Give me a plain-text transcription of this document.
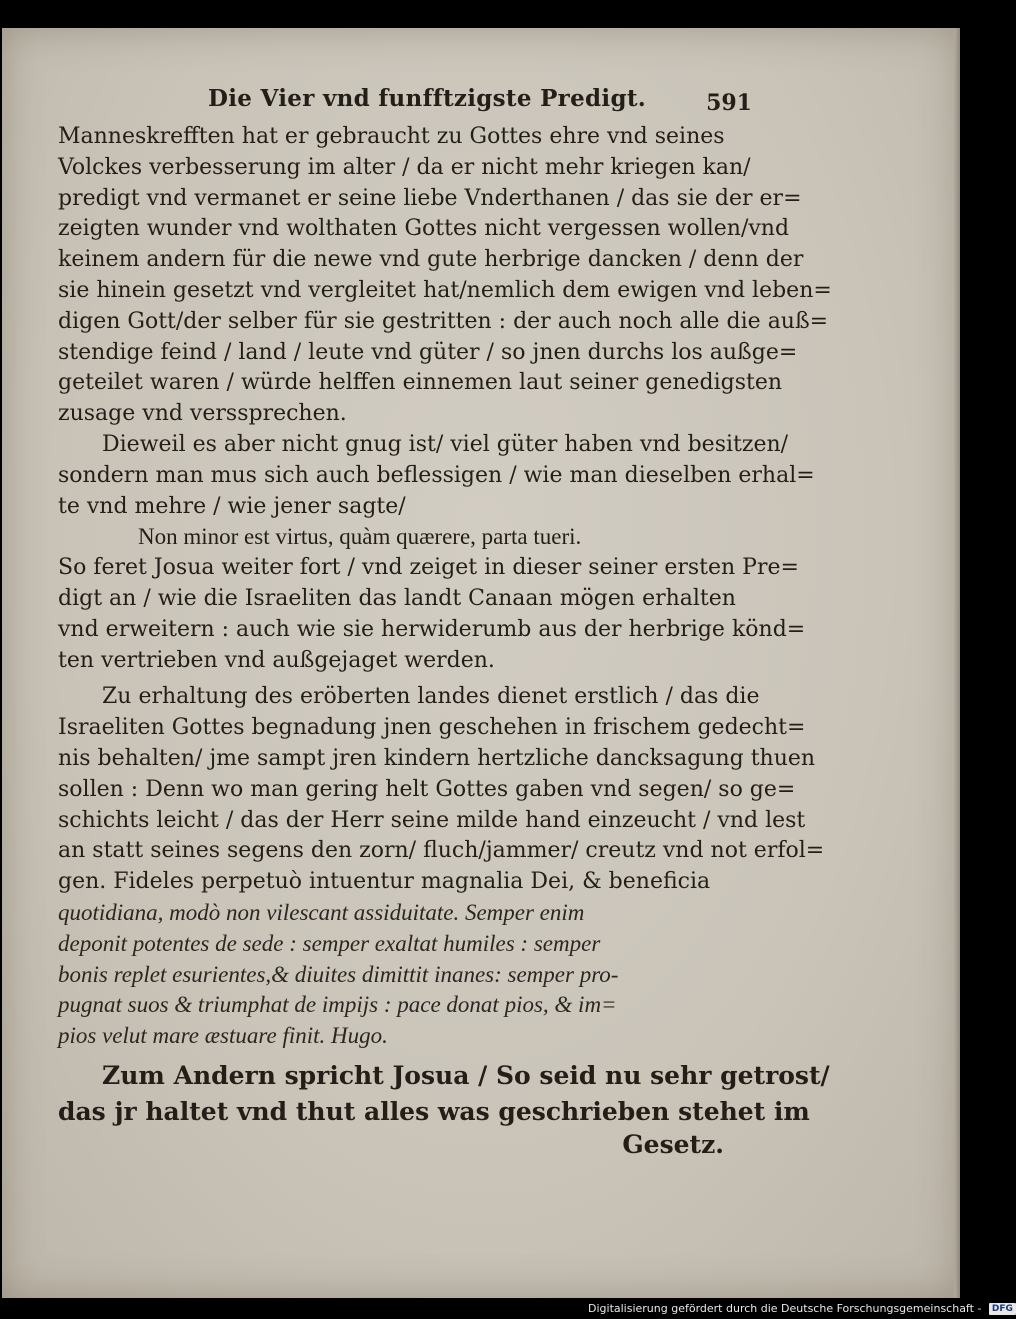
Die Vier vnd funfftzigste Predigt.	591
Manneskrefften hat er gebraucht zu Gottes ehre vnd seines
Volckes verbesserung im alter / da er nicht mehr kriegen kan/
predigt vnd vermanet er seine liebe Vnderthanen / das sie der er=
zeigten wunder vnd wolthaten Gottes nicht vergessen wollen/vnd
keinem andern für die newe vnd gute herbrige dancken / denn der
sie hinein gesetzt vnd vergleitet hat/nemlich dem ewigen vnd leben=
digen Gott/der selber für sie gestritten : der auch noch alle die auß=
stendige feind / land / leute vnd güter / so jnen durchs los außge=
geteilet waren / würde helffen einnemen laut seiner genedigsten
zusage vnd verssprechen.
Dieweil es aber nicht gnug ist/ viel güter haben vnd besitzen/
sondern man mus sich auch beflessigen / wie man dieselben erhal=
te vnd mehre / wie jener sagte/
Non minor est virtus, quàm quærere, parta tueri.
So feret Josua weiter fort / vnd zeiget in dieser seiner ersten Pre=
digt an / wie die Israeliten das landt Canaan mögen erhalten
vnd erweitern : auch wie sie herwiderumb aus der herbrige könd=
ten vertrieben vnd außgejaget werden.
Zu erhaltung des eröberten landes dienet erstlich / das die
Israeliten Gottes begnadung jnen geschehen in frischem gedecht=
nis behalten/ jme sampt jren kindern hertzliche dancksagung thuen
sollen : Denn wo man gering helt Gottes gaben vnd segen/ so ge=
schichts leicht / das der Herr seine milde hand einzeucht / vnd lest
an statt seines segens den zorn/ fluch/jammer/ creutz vnd not erfol=
gen. Fideles perpetuò intuentur magnalia Dei, & beneficia
quotidiana, modò non vilescant assiduitate. Semper enim
deponit potentes de sede : semper exaltat humiles : semper
bonis replet esurientes,& diuites dimittit inanes: semper pro-
pugnat suos & triumphat de impijs : pace donat pios, & im=
pios velut mare æstuare finit. Hugo.
Zum Andern spricht Josua / So seid nu sehr getrost/
das jr haltet vnd thut alles was geschrieben stehet im
Gesetz.
Digitalisierung gefördert durch die Deutsche Forschungsgemeinschaft - DFG
